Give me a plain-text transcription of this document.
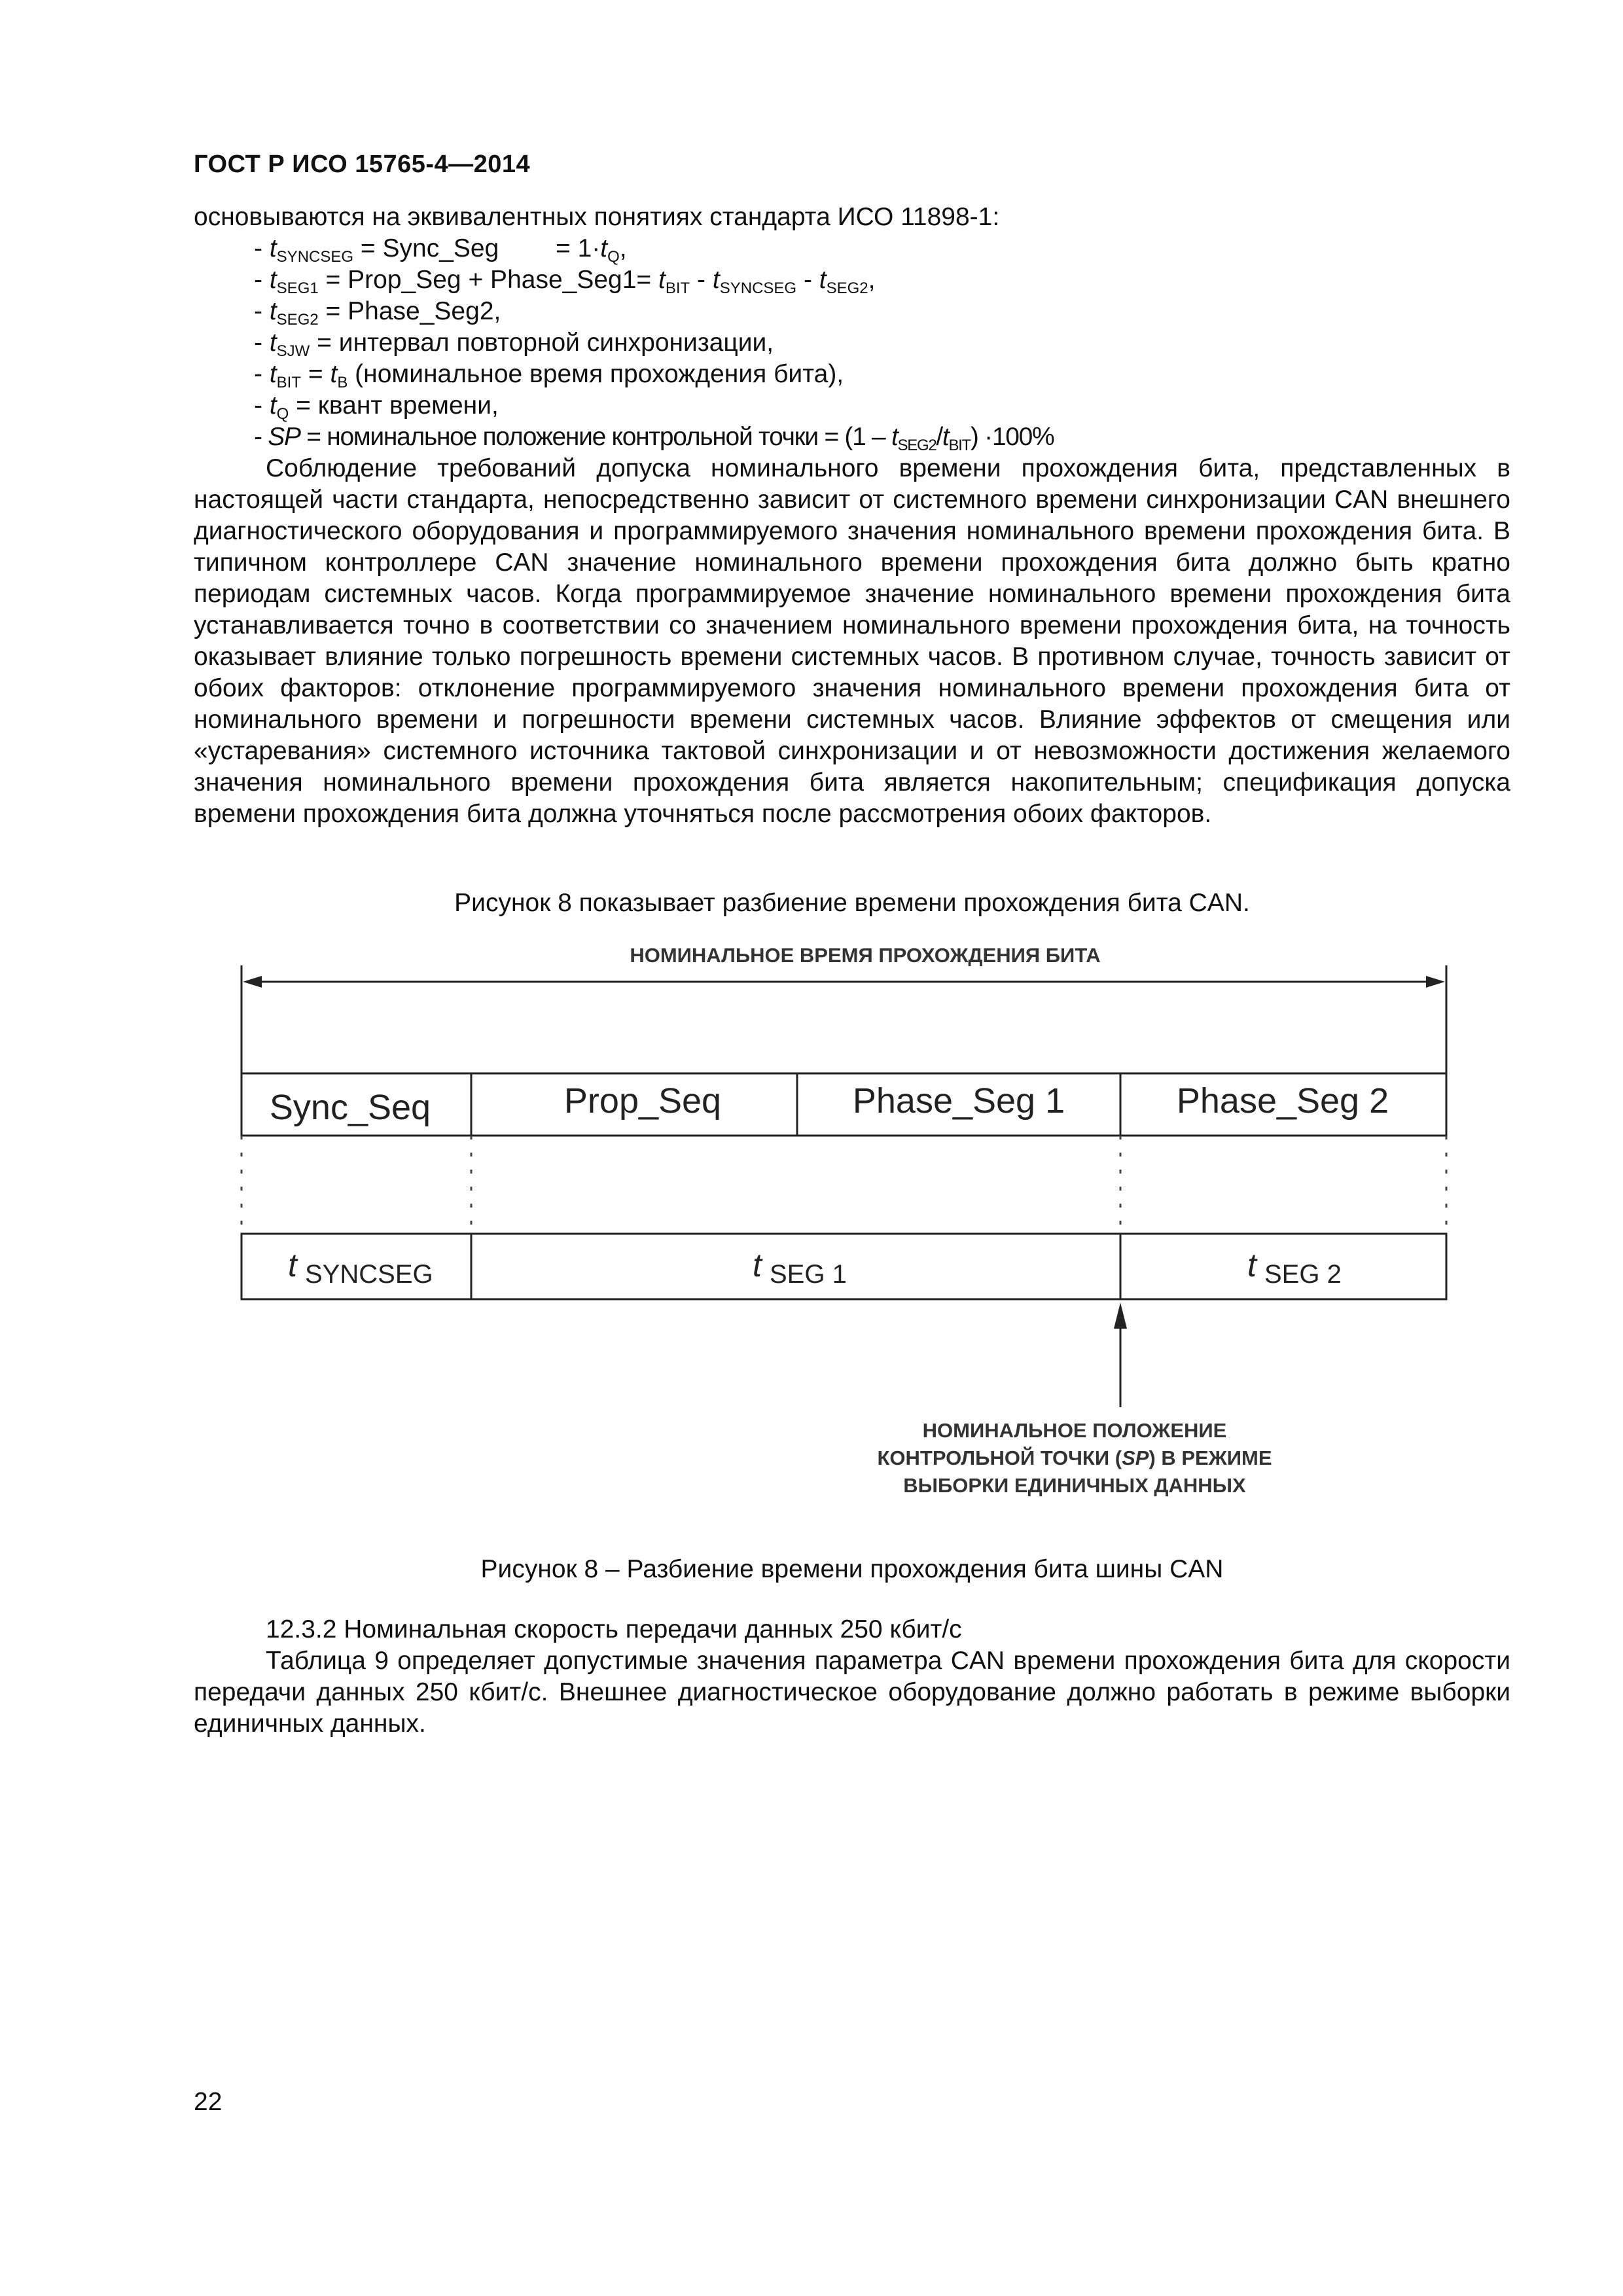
ГОСТ Р ИСО 15765-4—2014
основываются на эквивалентных понятиях стандарта ИСО 11898-1:
- $t_{SYNCSEG}$ = Sync_Seg        = $1\cdot t_Q$,
- $t_{SEG1}$ = Prop_Seg + Phase_Seg1= $t_{BIT} - t_{SYNCSEG} - t_{SEG2}$,
- $t_{SEG2}$ = Phase_Seg2,
- $t_{SJW}$ = интервал повторной синхронизации,
- $t_{BIT} = t_B$ (номинальное время прохождения бита),
- $t_Q$ = квант времени,
- SP = номинальное положение контрольной точки = $(1 - t_{SEG2}/t_{BIT}) \cdot 100\%$
Соблюдение требований допуска номинального времени прохождения бита, представленных в настоящей части стандарта, непосредственно зависит от системного времени синхронизации CAN внешнего диагностического оборудования и программируемого значения номинального времени прохождения бита. В типичном контроллере CAN значение номинального времени прохождения бита должно быть кратно периодам системных часов. Когда программируемое значение номинального времени прохождения бита устанавливается точно в соответствии со значением номинального времени прохождения бита, на точность оказывает влияние только погрешность времени системных часов. В противном случае, точность зависит от обоих факторов: отклонение программируемого значения номинального времени прохождения бита от номинального времени и погрешности времени системных часов. Влияние эффектов от смещения или «устаревания» системного источника тактовой синхронизации и от невозможности достижения желаемого значения номинального времени прохождения бита является накопительным; спецификация допуска времени прохождения бита должна уточняться после рассмотрения обоих факторов.
Рисунок 8 показывает разбиение времени прохождения бита CAN.
НОМИНАЛЬНОЕ ВРЕМЯ ПРОХОЖДЕНИЯ БИТА
Sync_Seq	Prop_Seq	Phase_Seg 1	Phase_Seg 2
t SYNCSEG	t SEG 1	t SEG 2
НОМИНАЛЬНОЕ ПОЛОЖЕНИЕ
КОНТРОЛЬНОЙ ТОЧКИ (SP) В РЕЖИМЕ
ВЫБОРКИ ЕДИНИЧНЫХ ДАННЫХ
Рисунок 8 – Разбиение времени прохождения бита шины CAN
12.3.2 Номинальная скорость передачи данных 250 кбит/с
Таблица 9 определяет допустимые значения параметра CAN времени прохождения бита для скорости передачи данных 250 кбит/с. Внешнее диагностическое оборудование должно работать в режиме выборки единичных данных.
22
